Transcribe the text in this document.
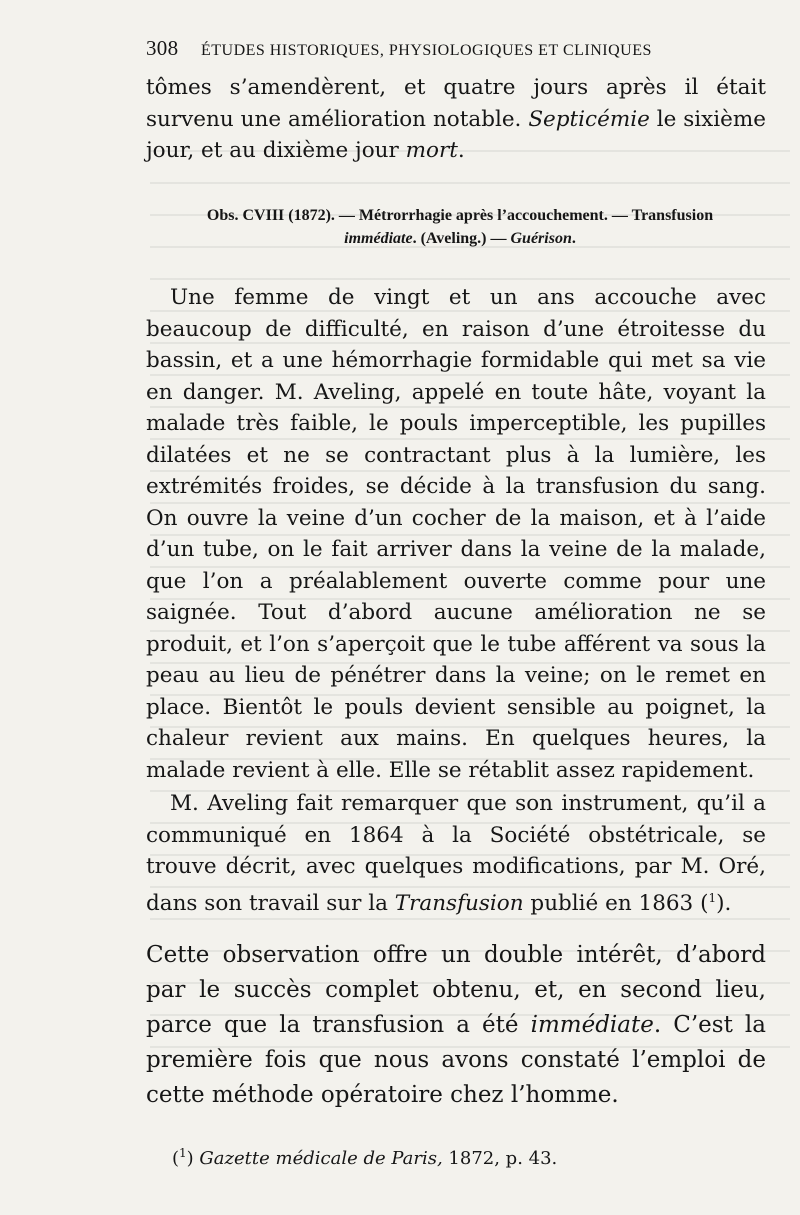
308 ÉTUDES HISTORIQUES, PHYSIOLOGIQUES ET CLINIQUES

tômes s’amendèrent, et quatre jours après il était survenu une amélioration notable. Septicémie le sixième jour, et au dixième jour mort.

Obs. CVIII (1872). — Métrorrhagie après l’accouchement. — Transfusion
immédiate. (Aveling.) — Guérison.

Une femme de vingt et un ans accouche avec beaucoup de difficulté, en raison d’une étroitesse du bassin, et a une hémorrhagie formidable qui met sa vie en danger. M. Aveling, appelé en toute hâte, voyant la malade très faible, le pouls imperceptible, les pupilles dilatées et ne se contractant plus à la lumière, les extrémités froides, se décide à la transfusion du sang. On ouvre la veine d’un cocher de la maison, et à l’aide d’un tube, on le fait arriver dans la veine de la malade, que l’on a préalablement ouverte comme pour une saignée. Tout d’abord aucune amélioration ne se produit, et l’on s’aperçoit que le tube afférent va sous la peau au lieu de pénétrer dans la veine; on le remet en place. Bientôt le pouls devient sensible au poignet, la chaleur revient aux mains. En quelques heures, la malade revient à elle. Elle se rétablit assez rapidement.

M. Aveling fait remarquer que son instrument, qu’il a communiqué en 1864 à la Société obstétricale, se trouve décrit, avec quelques modifications, par M. Oré, dans son travail sur la Transfusion publié en 1863 ($^1$).

Cette observation offre un double intérêt, d’abord par le succès complet obtenu, et, en second lieu, parce que la transfusion a été immédiate. C’est la première fois que nous avons constaté l’emploi de cette méthode opératoire chez l’homme.

($^1$) Gazette médicale de Paris, 1872, p. 43.
